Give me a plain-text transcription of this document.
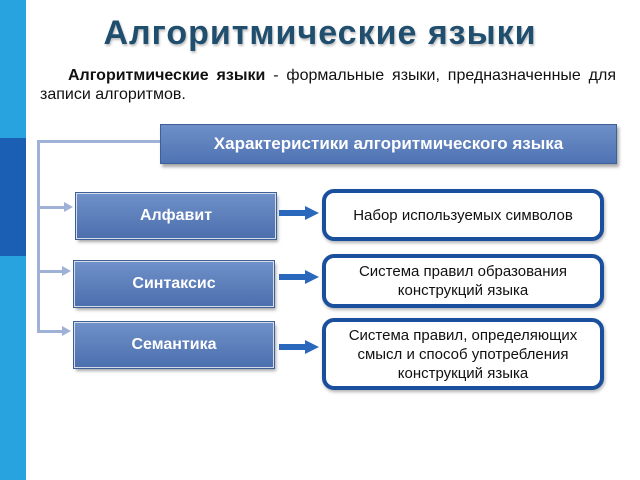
Алгоритмические языки
Алгоритмические языки - формальные языки, предназначенные для записи алгоритмов.
Характеристики алгоритмического языка
Алфавит	Набор используемых символов
Синтаксис
Система правил образования конструкций языка
Семантика
Система правил, определяющих смысл и способ употребления конструкций языка
